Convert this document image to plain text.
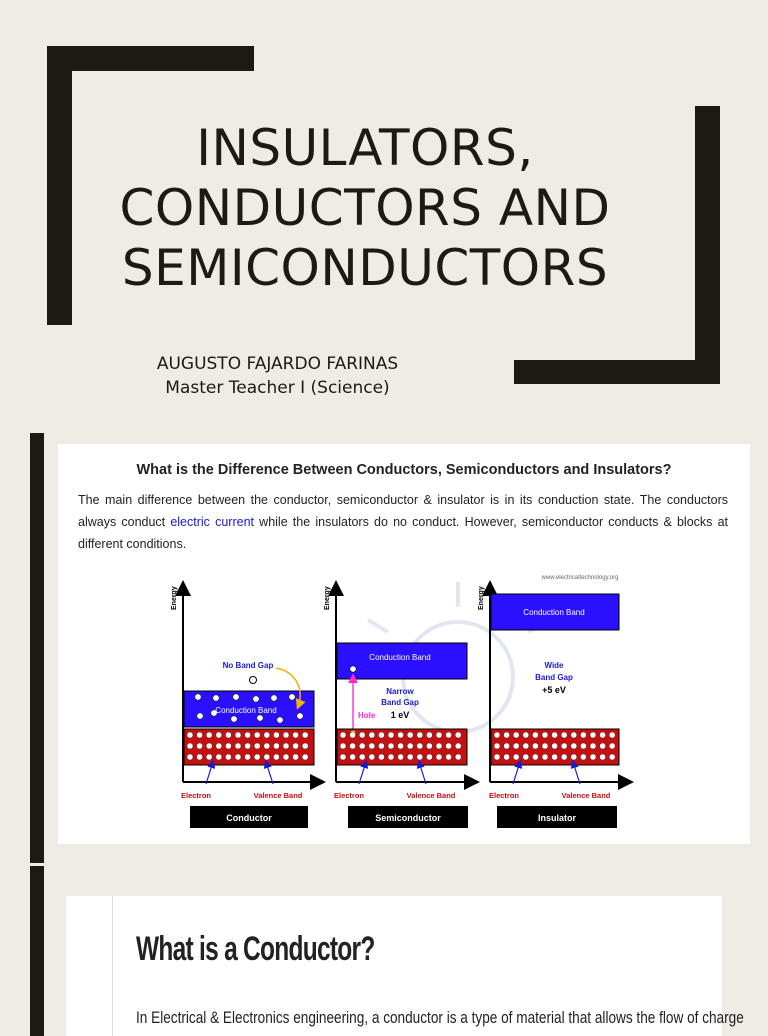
INSULATORS,
CONDUCTORS AND
SEMICONDUCTORS
AUGUSTO FAJARDO FARINAS
Master Teacher I (Science)
What is the Difference Between Conductors, Semiconductors and Insulators?

The main difference between the conductor, semiconductor & insulator is in its conduction state. The conductors always conduct electric current while the insulators do no conduct. However, semiconductor conducts & blocks at different conditions.

www.electricaltechnology.org
Energy
Conduction Band
No Band Gap
Electron	Valence Band
Conductor
Energy
Conduction Band
Narrow
Band Gap
1 eV
Hole
Electron	Valence Band
Semiconductor
Energy
Conduction Band
Wide
Band Gap
+5 eV
Electron	Valence Band
Insulator
What is a Conductor?
In Electrical & Electronics engineering, a conductor is a type of material that allows the flow of charge
